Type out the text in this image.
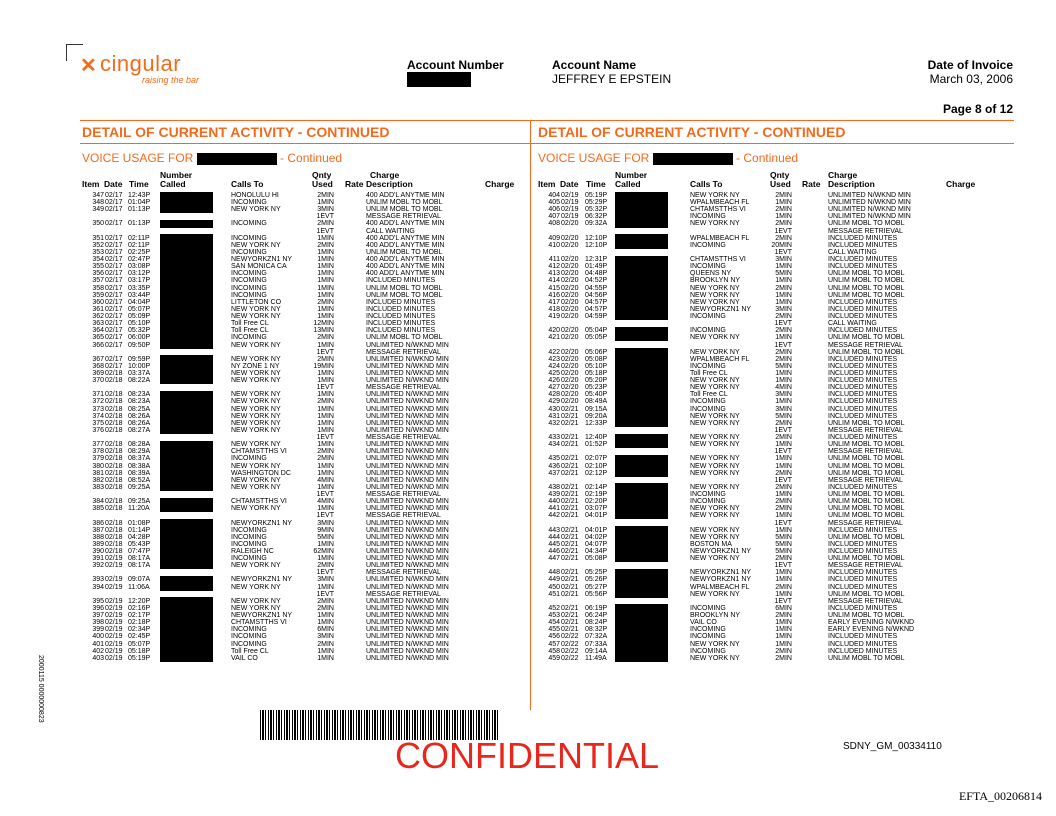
✕ cingular
raising the bar
Account Number	Account Name
JEFFREY E EPSTEIN
Date of Invoice
March 03, 2006
Page 8 of 12
DETAIL OF CURRENT ACTIVITY - CONTINUED	DETAIL OF CURRENT ACTIVITY - CONTINUED
VOICE USAGE FOR	- Continued	VOICE USAGE FOR	- Continued
Number	Qnty	Charge
Item Date Time Called	Calls To	Used Rate Description	Charge
Number	Qnty	Charge
Item Date Time Called	Calls To	Used Rate Description	Charge
347 02/17 12:43P	HONOLULU HI	2MIN	400 ADD'L ANYTME MIN
348 02/17 01:04P	INCOMING	1MIN	UNLIM MOBL TO MOBL
349 02/17 01:13P	NEW YORK NY	3MIN	UNLIM MOBL TO MOBL
1EVT	MESSAGE RETRIEVAL
350 02/17 01:13P	INCOMING	2MIN	400 ADD'L ANYTME MIN
1EVT	CALL WAITING
351 02/17 02:11P	INCOMING	1MIN	400 ADD'L ANYTME MIN
352 02/17 02:11P	NEW YORK NY	2MIN	400 ADD'L ANYTME MIN
353 02/17 02:25P	INCOMING	1MIN	UNLIM MOBL TO MOBL
354 02/17 02:47P	NEWYORKZN1 NY	1MIN	400 ADD'L ANYTME MIN
355 02/17 03:08P	SAN MONICA CA	1MIN	400 ADD'L ANYTME MIN
356 02/17 03:12P	INCOMING	1MIN	400 ADD'L ANYTME MIN
357 02/17 03:17P	INCOMING	1MIN	INCLUDED MINUTES
358 02/17 03:35P	INCOMING	1MIN	UNLIM MOBL TO MOBL
359 02/17 03:44P	INCOMING	1MIN	UNLIM MOBL TO MOBL
360 02/17 04:04P	LITTLETON CO	2MIN	INCLUDED MINUTES
361 02/17 05:07P	NEW YORK NY	1MIN	INCLUDED MINUTES
362 02/17 05:09P	NEW YORK NY	1MIN	INCLUDED MINUTES
363 02/17 05:10P	Toll Free CL	12MIN	INCLUDED MINUTES
364 02/17 05:32P	Toll Free CL	13MIN	INCLUDED MINUTES
365 02/17 06:00P	INCOMING	2MIN	UNLIM MOBL TO MOBL
366 02/17 09:50P	NEW YORK NY	1MIN	UNLIMITED N/WKND MIN
1EVT	MESSAGE RETRIEVAL
367 02/17 09:59P	NEW YORK NY	2MIN	UNLIMITED N/WKND MIN
368 02/17 10:00P	NY ZONE 1 NY	19MIN	UNLIMITED N/WKND MIN
369 02/18 03:37A	NEW YORK NY	1MIN	UNLIMITED N/WKND MIN
370 02/18 08:22A	NEW YORK NY	1MIN	UNLIMITED N/WKND MIN
1EVT	MESSAGE RETRIEVAL
371 02/18 08:23A	NEW YORK NY	1MIN	UNLIMITED N/WKND MIN
372 02/18 08:23A	NEW YORK NY	2MIN	UNLIMITED N/WKND MIN
373 02/18 08:25A	NEW YORK NY	1MIN	UNLIMITED N/WKND MIN
374 02/18 08:26A	NEW YORK NY	1MIN	UNLIMITED N/WKND MIN
375 02/18 08:26A	NEW YORK NY	1MIN	UNLIMITED N/WKND MIN
376 02/18 08:27A	NEW YORK NY	1MIN	UNLIMITED N/WKND MIN
1EVT	MESSAGE RETRIEVAL
377 02/18 08:28A	NEW YORK NY	1MIN	UNLIMITED N/WKND MIN
378 02/18 08:29A	CHTAMSTTHS VI	2MIN	UNLIMITED N/WKND MIN
379 02/18 08:37A	INCOMING	2MIN	UNLIMITED N/WKND MIN
380 02/18 08:38A	NEW YORK NY	1MIN	UNLIMITED N/WKND MIN
381 02/18 08:39A	WASHINGTON DC	1MIN	UNLIMITED N/WKND MIN
382 02/18 08:52A	NEW YORK NY	4MIN	UNLIMITED N/WKND MIN
383 02/18 09:25A	NEW YORK NY	1MIN	UNLIMITED N/WKND MIN
1EVT	MESSAGE RETRIEVAL
384 02/18 09:25A	CHTAMSTTHS VI	4MIN	UNLIMITED N/WKND MIN
385 02/18 11:20A	NEW YORK NY	1MIN	UNLIMITED N/WKND MIN
1EVT	MESSAGE RETRIEVAL
386 02/18 01:08P	NEWYORKZN1 NY	3MIN	UNLIMITED N/WKND MIN
387 02/18 01:14P	INCOMING	9MIN	UNLIMITED N/WKND MIN
388 02/18 04:28P	INCOMING	5MIN	UNLIMITED N/WKND MIN
389 02/18 05:43P	INCOMING	1MIN	UNLIMITED N/WKND MIN
390 02/18 07:47P	RALEIGH NC	62MIN	UNLIMITED N/WKND MIN
391 02/19 08:17A	INCOMING	1MIN	UNLIMITED N/WKND MIN
392 02/19 08:17A	NEW YORK NY	2MIN	UNLIMITED N/WKND MIN
1EVT	MESSAGE RETRIEVAL
393 02/19 09:07A	NEWYORKZN1 NY	3MIN	UNLIMITED N/WKND MIN
394 02/19 11:06A	NEW YORK NY	1MIN	UNLIMITED N/WKND MIN
1EVT	MESSAGE RETRIEVAL
395 02/19 12:20P	NEW YORK NY	2MIN	UNLIMITED N/WKND MIN
396 02/19 02:16P	NEW YORK NY	2MIN	UNLIMITED N/WKND MIN
397 02/19 02:17P	NEWYORKZN1 NY	1MIN	UNLIMITED N/WKND MIN
398 02/19 02:18P	CHTAMSTTHS VI	1MIN	UNLIMITED N/WKND MIN
399 02/19 02:34P	INCOMING	6MIN	UNLIMITED N/WKND MIN
400 02/19 02:45P	INCOMING	3MIN	UNLIMITED N/WKND MIN
401 02/19 05:07P	INCOMING	2MIN	UNLIMITED N/WKND MIN
402 02/19 05:18P	Toll Free CL	1MIN	UNLIMITED N/WKND MIN
403 02/19 05:19P	VAIL CO	1MIN	UNLIMITED N/WKND MIN
404 02/19 05:19P	NEW YORK NY	2MIN	UNLIMITED N/WKND MIN
405 02/19 05:29P	WPALMBEACH FL	1MIN	UNLIMITED N/WKND MIN
406 02/19 05:32P	CHTAMSTTHS VI	2MIN	UNLIMITED N/WKND MIN
407 02/19 06:32P	INCOMING	1MIN	UNLIMITED N/WKND MIN
408 02/20 09:32A	NEW YORK NY	2MIN	UNLIM MOBL TO MOBL
1EVT	MESSAGE RETRIEVAL
409 02/20 12:10P	WPALMBEACH FL	2MIN	INCLUDED MINUTES
410 02/20 12:10P	INCOMING	20MIN	INCLUDED MINUTES
1EVT	CALL WAITING
411 02/20 12:31P	CHTAMSTTHS VI	3MIN	INCLUDED MINUTES
412 02/20 01:49P	INCOMING	1MIN	INCLUDED MINUTES
413 02/20 04:48P	QUEENS NY	5MIN	UNLIM MOBL TO MOBL
414 02/20 04:52P	BROOKLYN NY	1MIN	UNLIM MOBL TO MOBL
415 02/20 04:55P	NEW YORK NY	2MIN	UNLIM MOBL TO MOBL
416 02/20 04:56P	NEW YORK NY	1MIN	UNLIM MOBL TO MOBL
417 02/20 04:57P	NEW YORK NY	1MIN	INCLUDED MINUTES
418 02/20 04:57P	NEWYORKZN1 NY	3MIN	INCLUDED MINUTES
419 02/20 04:59P	INCOMING	2MIN	INCLUDED MINUTES
1EVT	CALL WAITING
420 02/20 05:04P	INCOMING	2MIN	INCLUDED MINUTES
421 02/20 05:05P	NEW YORK NY	1MIN	UNLIM MOBL TO MOBL
1EVT	MESSAGE RETRIEVAL
422 02/20 05:06P	NEW YORK NY	2MIN	UNLIM MOBL TO MOBL
423 02/20 05:08P	WPALMBEACH FL	2MIN	INCLUDED MINUTES
424 02/20 05:10P	INCOMING	5MIN	INCLUDED MINUTES
425 02/20 05:18P	Toll Free CL	1MIN	INCLUDED MINUTES
426 02/20 05:20P	NEW YORK NY	1MIN	INCLUDED MINUTES
427 02/20 05:23P	NEW YORK NY	4MIN	INCLUDED MINUTES
428 02/20 05:40P	Toll Free CL	3MIN	INCLUDED MINUTES
429 02/20 08:49A	INCOMING	1MIN	INCLUDED MINUTES
430 02/21 09:15A	INCOMING	3MIN	INCLUDED MINUTES
431 02/21 09:20A	NEW YORK NY	5MIN	INCLUDED MINUTES
432 02/21 12:33P	NEW YORK NY	2MIN	UNLIM MOBL TO MOBL
1EVT	MESSAGE RETRIEVAL
433 02/21 12:40P	NEW YORK NY	2MIN	INCLUDED MINUTES
434 02/21 01:52P	NEW YORK NY	1MIN	UNLIM MOBL TO MOBL
1EVT	MESSAGE RETRIEVAL
435 02/21 02:07P	NEW YORK NY	1MIN	UNLIM MOBL TO MOBL
436 02/21 02:10P	NEW YORK NY	1MIN	UNLIM MOBL TO MOBL
437 02/21 02:12P	NEW YORK NY	2MIN	UNLIM MOBL TO MOBL
1EVT	MESSAGE RETRIEVAL
438 02/21 02:14P	NEW YORK NY	2MIN	INCLUDED MINUTES
439 02/21 02:19P	INCOMING	1MIN	UNLIM MOBL TO MOBL
440 02/21 02:20P	INCOMING	2MIN	UNLIM MOBL TO MOBL
441 02/21 03:07P	NEW YORK NY	2MIN	UNLIM MOBL TO MOBL
442 02/21 04:01P	NEW YORK NY	1MIN	UNLIM MOBL TO MOBL
1EVT	MESSAGE RETRIEVAL
443 02/21 04:01P	NEW YORK NY	1MIN	INCLUDED MINUTES
444 02/21 04:02P	NEW YORK NY	5MIN	UNLIM MOBL TO MOBL
445 02/21 04:07P	BOSTON MA	5MIN	INCLUDED MINUTES
446 02/21 04:34P	NEWYORKZN1 NY	5MIN	INCLUDED MINUTES
447 02/21 05:08P	NEW YORK NY	2MIN	UNLIM MOBL TO MOBL
1EVT	MESSAGE RETRIEVAL
448 02/21 05:25P	NEWYORKZN1 NY	1MIN	INCLUDED MINUTES
449 02/21 05:26P	NEWYORKZN1 NY	1MIN	INCLUDED MINUTES
450 02/21 05:27P	WPALMBEACH FL	2MIN	INCLUDED MINUTES
451 02/21 05:56P	NEW YORK NY	1MIN	UNLIM MOBL TO MOBL
1EVT	MESSAGE RETRIEVAL
452 02/21 06:19P	INCOMING	6MIN	INCLUDED MINUTES
453 02/21 06:24P	BROOKLYN NY	2MIN	UNLIM MOBL TO MOBL
454 02/21 08:24P	VAIL CO	1MIN	EARLY EVENING N/WKND
455 02/21 08:32P	INCOMING	1MIN	EARLY EVENING N/WKND
456 02/22 07:32A	INCOMING	1MIN	INCLUDED MINUTES
457 02/22 07:33A	NEW YORK NY	1MIN	INCLUDED MINUTES
458 02/22 09:14A	INCOMING	2MIN	INCLUDED MINUTES
459 02/22 11:49A	NEW YORK NY	2MIN	UNLIM MOBL TO MOBL
CONFIDENTIAL	SDNY_GM_00334110
EFTA_00206814
2000115 0000000823
